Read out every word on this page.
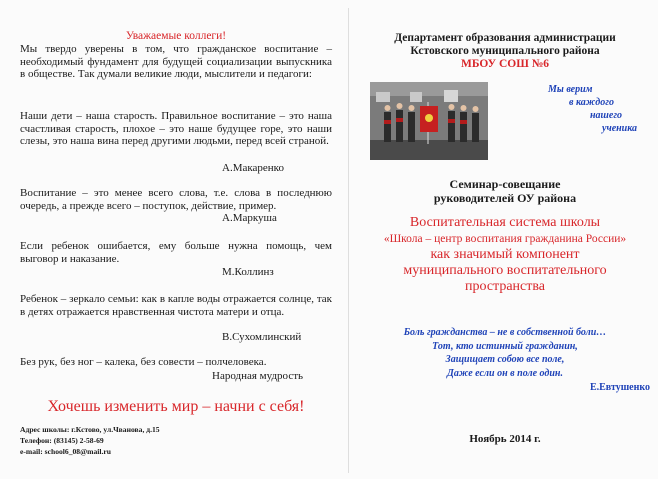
Уважаемые коллеги!
Мы твердо уверены в том, что гражданское воспитание – необходимый фундамент для будущей социализации выпускника в обществе. Так думали великие люди, мыслители и педагоги:
Наши дети – наша старость. Правильное воспитание – это наша счастливая старость, плохое – это наше будущее горе, это наши слезы, это наша вина перед другими людьми, перед всей страной.
А.Макаренко
Воспитание – это менее всего слова, т.е. слова в последнюю очередь, а прежде всего – поступок, действие, пример.
А.Маркуша
Если ребенок ошибается, ему больше нужна помощь, чем выговор и наказание.
М.Коллинз
Ребенок – зеркало семьи: как в капле воды отражается солнце, так в детях отражается нравственная чистота матери и отца.
В.Сухомлинский
Без рук, без ног – калека, без совести – полчеловека.
Народная мудрость
Хочешь изменить мир – начни с себя!
Адрес школы: г.Кстово, ул.Чванова, д.15
Телефон: (83145) 2-58-69
e-mail: school6_08@mail.ru
Департамент образования администрации
Кстовского муниципального района
МБОУ СОШ №6
Мы верим
в каждого
нашего
ученика
Семинар-совещание
руководителей ОУ района
Воспитательная система школы
«Школа – центр воспитания гражданина России»
как значимый компонент
муниципального воспитательного
пространства
Боль гражданства – не в собственной боли…
Тот, кто истинный гражданин,
Защищает собою все поле,
Даже если он в поле один.
Е.Евтушенко
Ноябрь 2014 г.
